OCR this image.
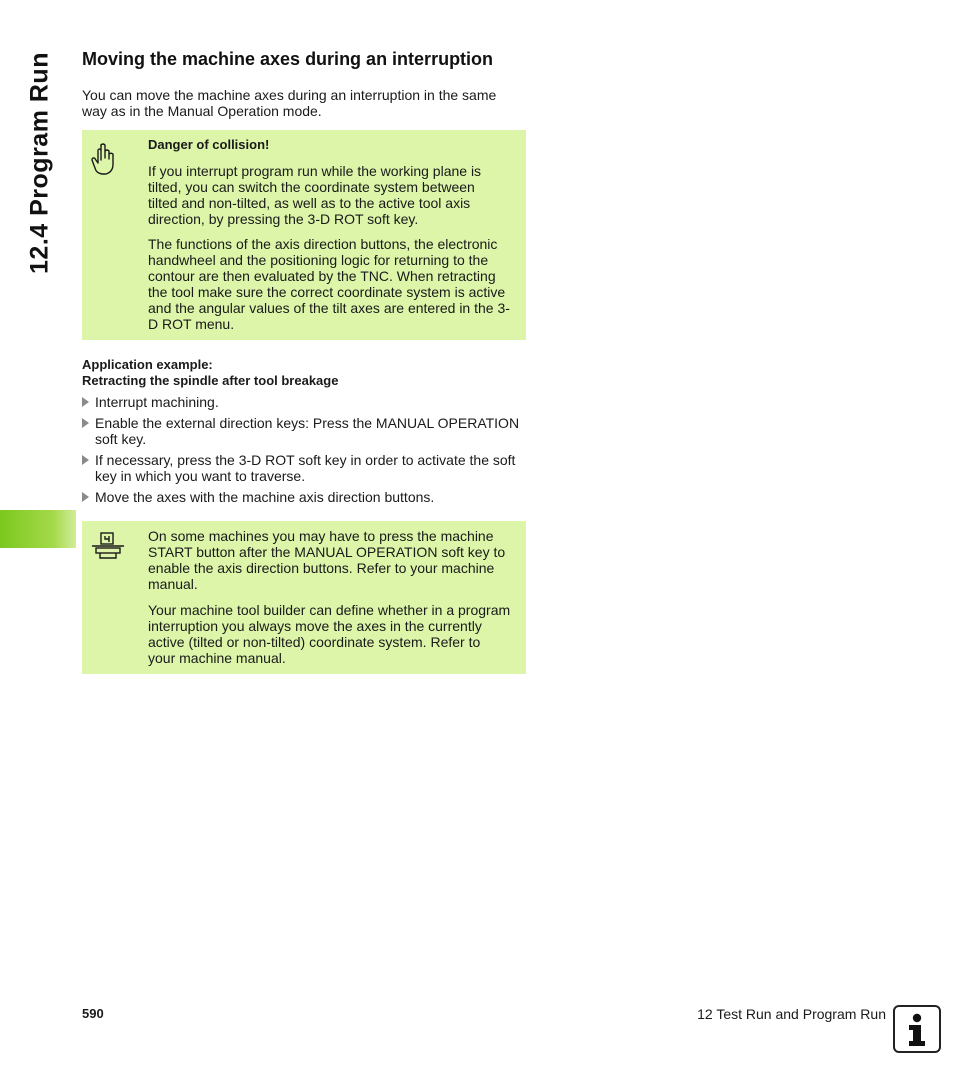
12.4 Program Run Moving the machine axes during an interruption

You can move the machine axes during an interruption in the same
way as in the Manual Operation mode.

Danger of collision!

If you interrupt program run while the working plane is
tilted, you can switch the coordinate system between
tilted and non-tilted, as well as to the active tool axis
direction, by pressing the 3-D ROT soft key.

The functions of the axis direction buttons, the electronic
handwheel and the positioning logic for returning to the
contour are then evaluated by the TNC. When retracting
the tool make sure the correct coordinate system is active
and the angular values of the tilt axes are entered in the 3-
D ROT menu.

Application example:

Retracting the spindle after tool breakage

Interrupt machining.
Enable the external direction keys: Press the MANUAL OPERATION
soft key.
If necessary, press the 3-D ROT soft key in order to activate the soft
key in which you want to traverse.
Move the axes with the machine axis direction buttons.

On some machines you may have to press the machine
START button after the MANUAL OPERATION soft key to
enable the axis direction buttons. Refer to your machine
manual.

Your machine tool builder can define whether in a program
interruption you always move the axes in the currently
active (tilted or non-tilted) coordinate system. Refer to
your machine manual.

590	12 Test Run and Program Run
